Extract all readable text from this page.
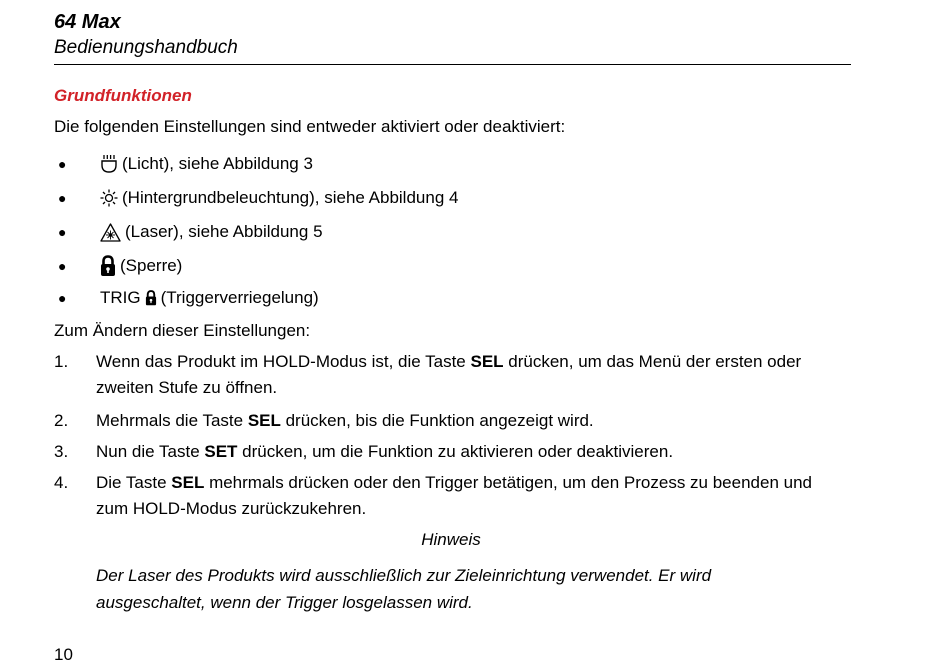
64 Max
Bedienungshandbuch
Grundfunktionen
Die folgenden Einstellungen sind entweder aktiviert oder deaktiviert:
●	(Licht), siehe Abbildung 3
●	(Hintergrundbeleuchtung), siehe Abbildung 4
●	(Laser), siehe Abbildung 5
●	(Sperre)
●	TRIG (Triggerverriegelung)
Zum Ändern dieser Einstellungen:
1.	Wenn das Produkt im HOLD-Modus ist, die Taste SEL drücken, um das Menü der ersten oder zweiten Stufe zu öffnen.
2.	Mehrmals die Taste SEL drücken, bis die Funktion angezeigt wird.
3.	Nun die Taste SET drücken, um die Funktion zu aktivieren oder deaktivieren.
4.	Die Taste SEL mehrmals drücken oder den Trigger betätigen, um den Prozess zu beenden und zum HOLD-Modus zurückzukehren.
Hinweis
Der Laser des Produkts wird ausschließlich zur Zieleinrichtung verwendet. Er wird ausgeschaltet, wenn der Trigger losgelassen wird.
10
